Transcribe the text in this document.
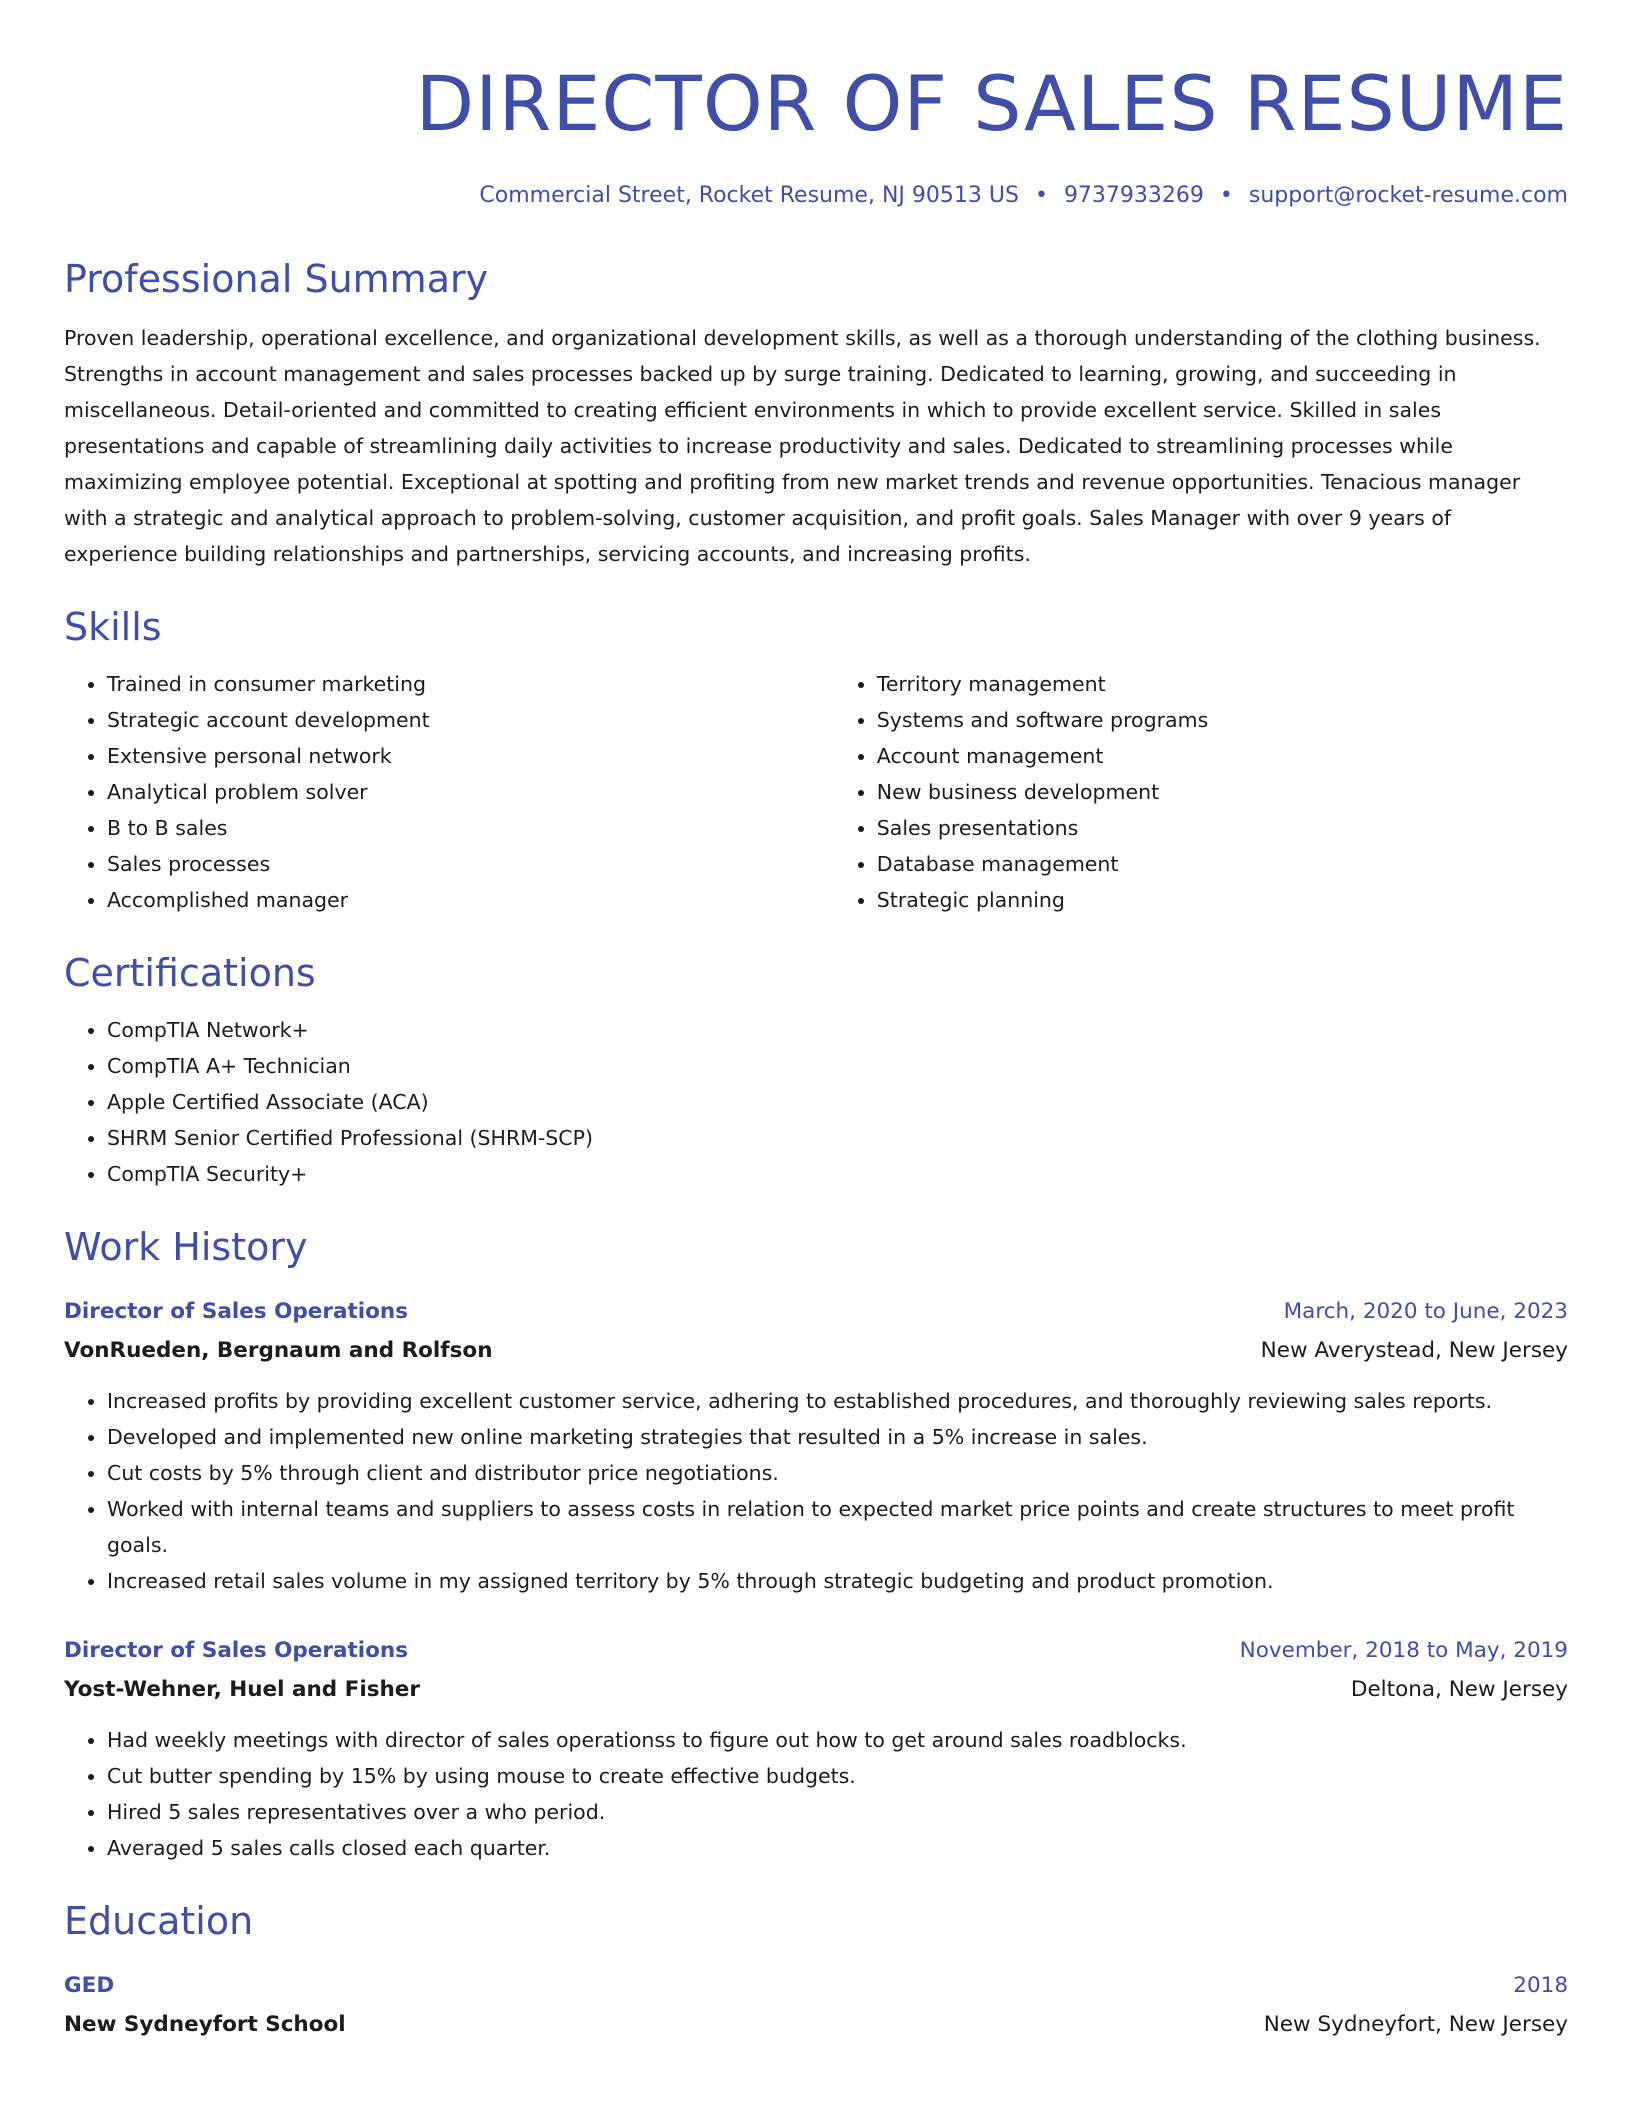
DIRECTOR OF SALES RESUME
Commercial Street, Rocket Resume, NJ 90513 US • 9737933269 • support@rocket-resume.com
Professional Summary

Proven leadership, operational excellence, and organizational development skills, as well as a thorough understanding of the clothing business. Strengths in account management and sales processes backed up by surge training. Dedicated to learning, growing, and succeeding in miscellaneous. Detail-oriented and committed to creating efficient environments in which to provide excellent service. Skilled in sales presentations and capable of streamlining daily activities to increase productivity and sales. Dedicated to streamlining processes while maximizing employee potential. Exceptional at spotting and profiting from new market trends and revenue opportunities. Tenacious manager with a strategic and analytical approach to problem-solving, customer acquisition, and profit goals. Sales Manager with over 9 years of experience building relationships and partnerships, servicing accounts, and increasing profits.

Skills
• Trained in consumer marketing
• Strategic account development
• Extensive personal network
• Analytical problem solver
• B to B sales
• Sales processes
• Accomplished manager
• Territory management
• Systems and software programs
• Account management
• New business development
• Sales presentations
• Database management
• Strategic planning
Certifications
• CompTIA Network+
• CompTIA A+ Technician
• Apple Certified Associate (ACA)
• SHRM Senior Certified Professional (SHRM-SCP)
• CompTIA Security+
Work History
Director of Sales Operations	March, 2020 to June, 2023
VonRueden, Bergnaum and Rolfson	New Averystead, New Jersey
• Increased profits by providing excellent customer service, adhering to established procedures, and thoroughly reviewing sales reports.
• Developed and implemented new online marketing strategies that resulted in a 5% increase in sales.
• Cut costs by 5% through client and distributor price negotiations.
• Worked with internal teams and suppliers to assess costs in relation to expected market price points and create structures to meet profit goals.
• Increased retail sales volume in my assigned territory by 5% through strategic budgeting and product promotion.
Director of Sales Operations	November, 2018 to May, 2019
Yost-Wehner, Huel and Fisher	Deltona, New Jersey
• Had weekly meetings with director of sales operationss to figure out how to get around sales roadblocks.
• Cut butter spending by 15% by using mouse to create effective budgets.
• Hired 5 sales representatives over a who period.
• Averaged 5 sales calls closed each quarter.
Education
GED	2018
New Sydneyfort School	New Sydneyfort, New Jersey
